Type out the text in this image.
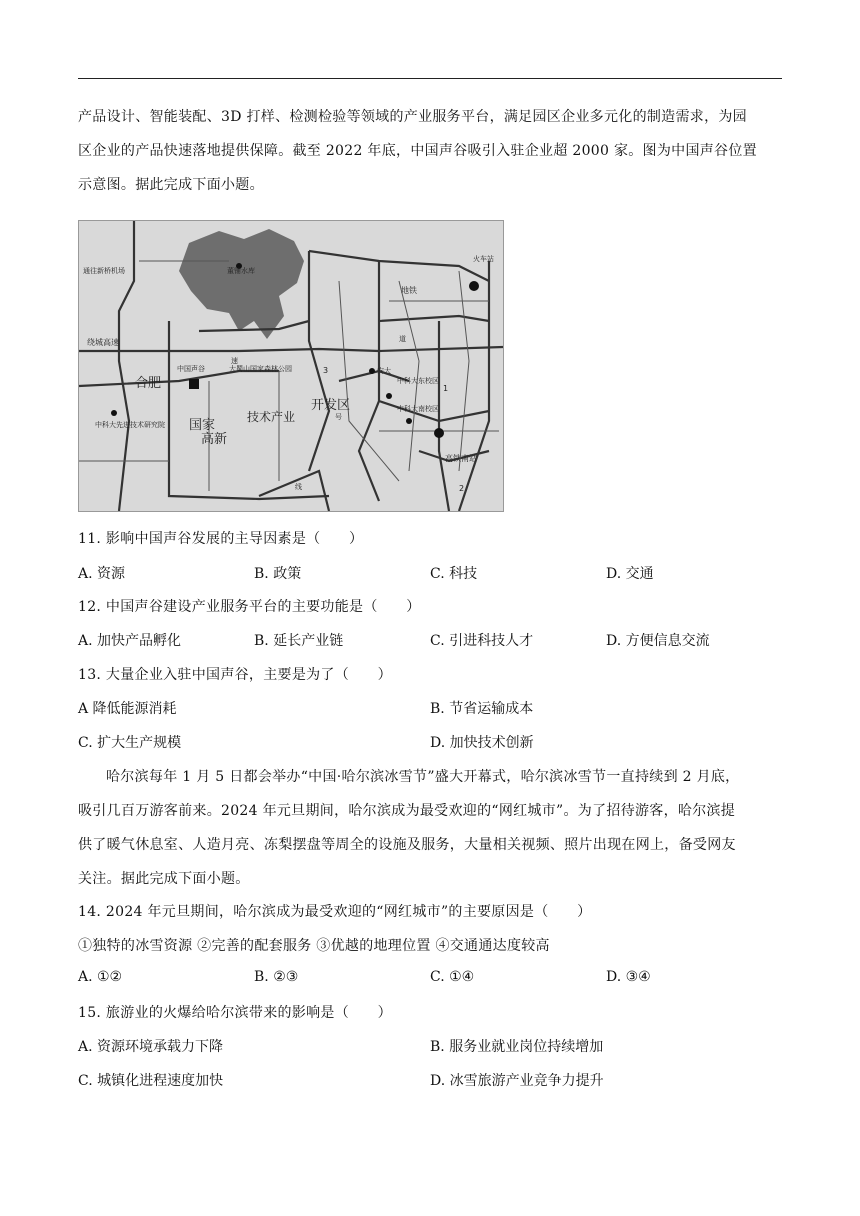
产品设计、智能装配、3D 打样、检测检验等领域的产业服务平台，满足园区企业多元化的制造需求，为园
区企业的产品快速落地提供保障。截至 2022 年底，中国声谷吸引入驻企业超 2000 家。图为中国声谷位置
示意图。据此完成下面小题。
董铺水库
通往新桥机场
大蜀山国家森林公园
中国声谷
合肥
国家
高新
技术产业
开发区
中科大先进技术研究院
中科大东校区
中科大南校区
安大
火车站
高铁南站
绕城高速
地铁
1
3
2
线
道
速
号
11. 影响中国声谷发展的主导因素是（　　）
A. 资源	B. 政策	C. 科技	D. 交通
12. 中国声谷建设产业服务平台的主要功能是（　　）
A. 加快产品孵化	B. 延长产业链	C. 引进科技人才	D. 方便信息交流
13. 大量企业入驻中国声谷，主要是为了（　　）
A 降低能源消耗	B. 节省运输成本
C. 扩大生产规模	D. 加快技术创新
哈尔滨每年 1 月 5 日都会举办“中国·哈尔滨冰雪节”盛大开幕式，哈尔滨冰雪节一直持续到 2 月底，
吸引几百万游客前来。2024 年元旦期间，哈尔滨成为最受欢迎的“网红城市”。为了招待游客，哈尔滨提
供了暖气休息室、人造月亮、冻梨摆盘等周全的设施及服务，大量相关视频、照片出现在网上，备受网友
关注。据此完成下面小题。
14. 2024 年元旦期间，哈尔滨成为最受欢迎的“网红城市”的主要原因是（　　）
①独特的冰雪资源 ②完善的配套服务 ③优越的地理位置 ④交通通达度较高
A. ①②	B. ②③	C. ①④	D. ③④
15. 旅游业的火爆给哈尔滨带来的影响是（　　）
A. 资源环境承载力下降	B. 服务业就业岗位持续增加
C. 城镇化进程速度加快	D. 冰雪旅游产业竞争力提升
